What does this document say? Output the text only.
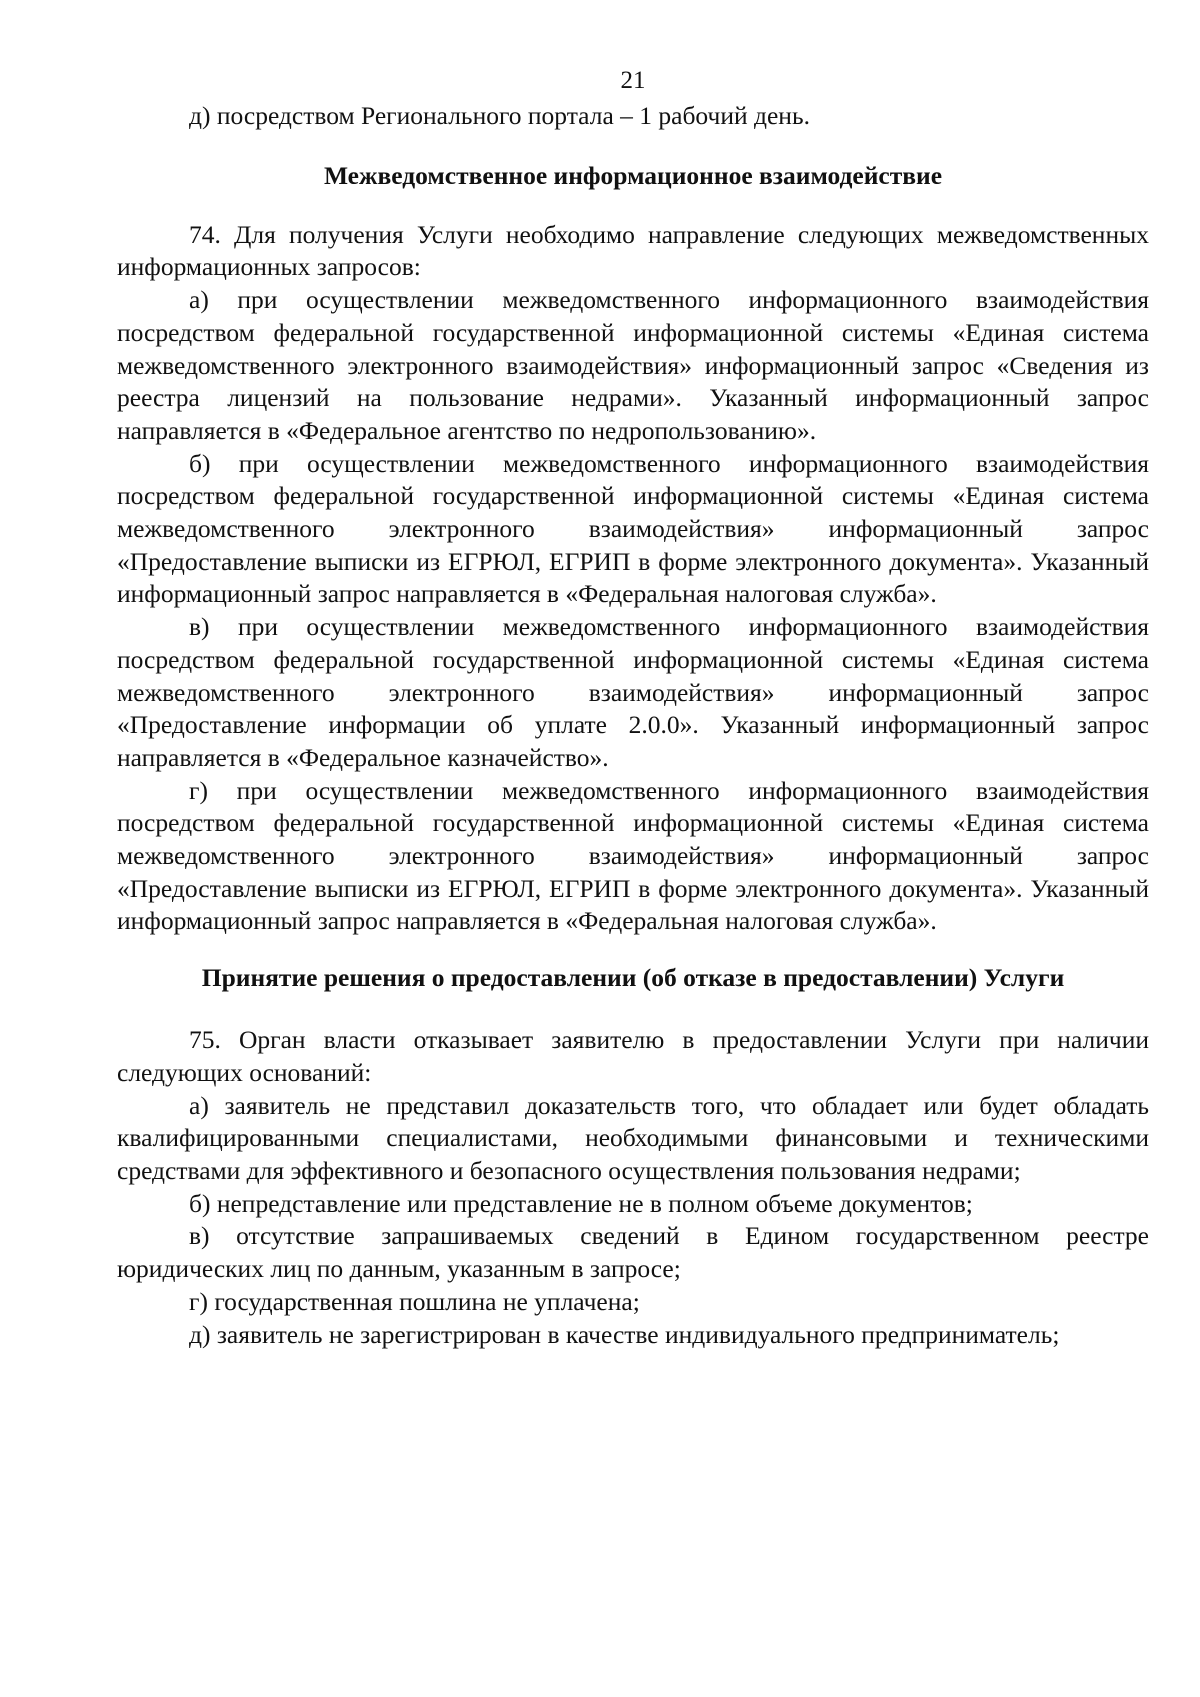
21

д) посредством Регионального портала – 1 рабочий день.

Межведомственное информационное взаимодействие

74. Для получения Услуги необходимо направление следующих межведомственных информационных запросов:

а) при осуществлении межведомственного информационного взаимодействия посредством федеральной государственной информационной системы «Единая система межведомственного электронного взаимодействия» информационный запрос «Сведения из реестра лицензий на пользование недрами». Указанный информационный запрос направляется в «Федеральное агентство по недропользованию».

б) при осуществлении межведомственного информационного взаимодействия посредством федеральной государственной информационной системы «Единая система межведомственного электронного взаимодействия» информационный запрос «Предоставление выписки из ЕГРЮЛ, ЕГРИП в форме электронного документа». Указанный информационный запрос направляется в «Федеральная налоговая служба».

в) при осуществлении межведомственного информационного взаимодействия посредством федеральной государственной информационной системы «Единая система межведомственного электронного взаимодействия» информационный запрос «Предоставление информации об уплате 2.0.0». Указанный информационный запрос направляется в «Федеральное казначейство».

г) при осуществлении межведомственного информационного взаимодействия посредством федеральной государственной информационной системы «Единая система межведомственного электронного взаимодействия» информационный запрос «Предоставление выписки из ЕГРЮЛ, ЕГРИП в форме электронного документа». Указанный информационный запрос направляется в «Федеральная налоговая служба».

Принятие решения о предоставлении (об отказе в предоставлении) Услуги

75. Орган власти отказывает заявителю в предоставлении Услуги при наличии следующих оснований:

а) заявитель не представил доказательств того, что обладает или будет обладать квалифицированными специалистами, необходимыми финансовыми и техническими средствами для эффективного и безопасного осуществления пользования недрами;

б) непредставление или представление не в полном объеме документов;

в) отсутствие запрашиваемых сведений в Едином государственном реестре юридических лиц по данным, указанным в запросе;

г) государственная пошлина не уплачена;

д) заявитель не зарегистрирован в качестве индивидуального предприниматель;
